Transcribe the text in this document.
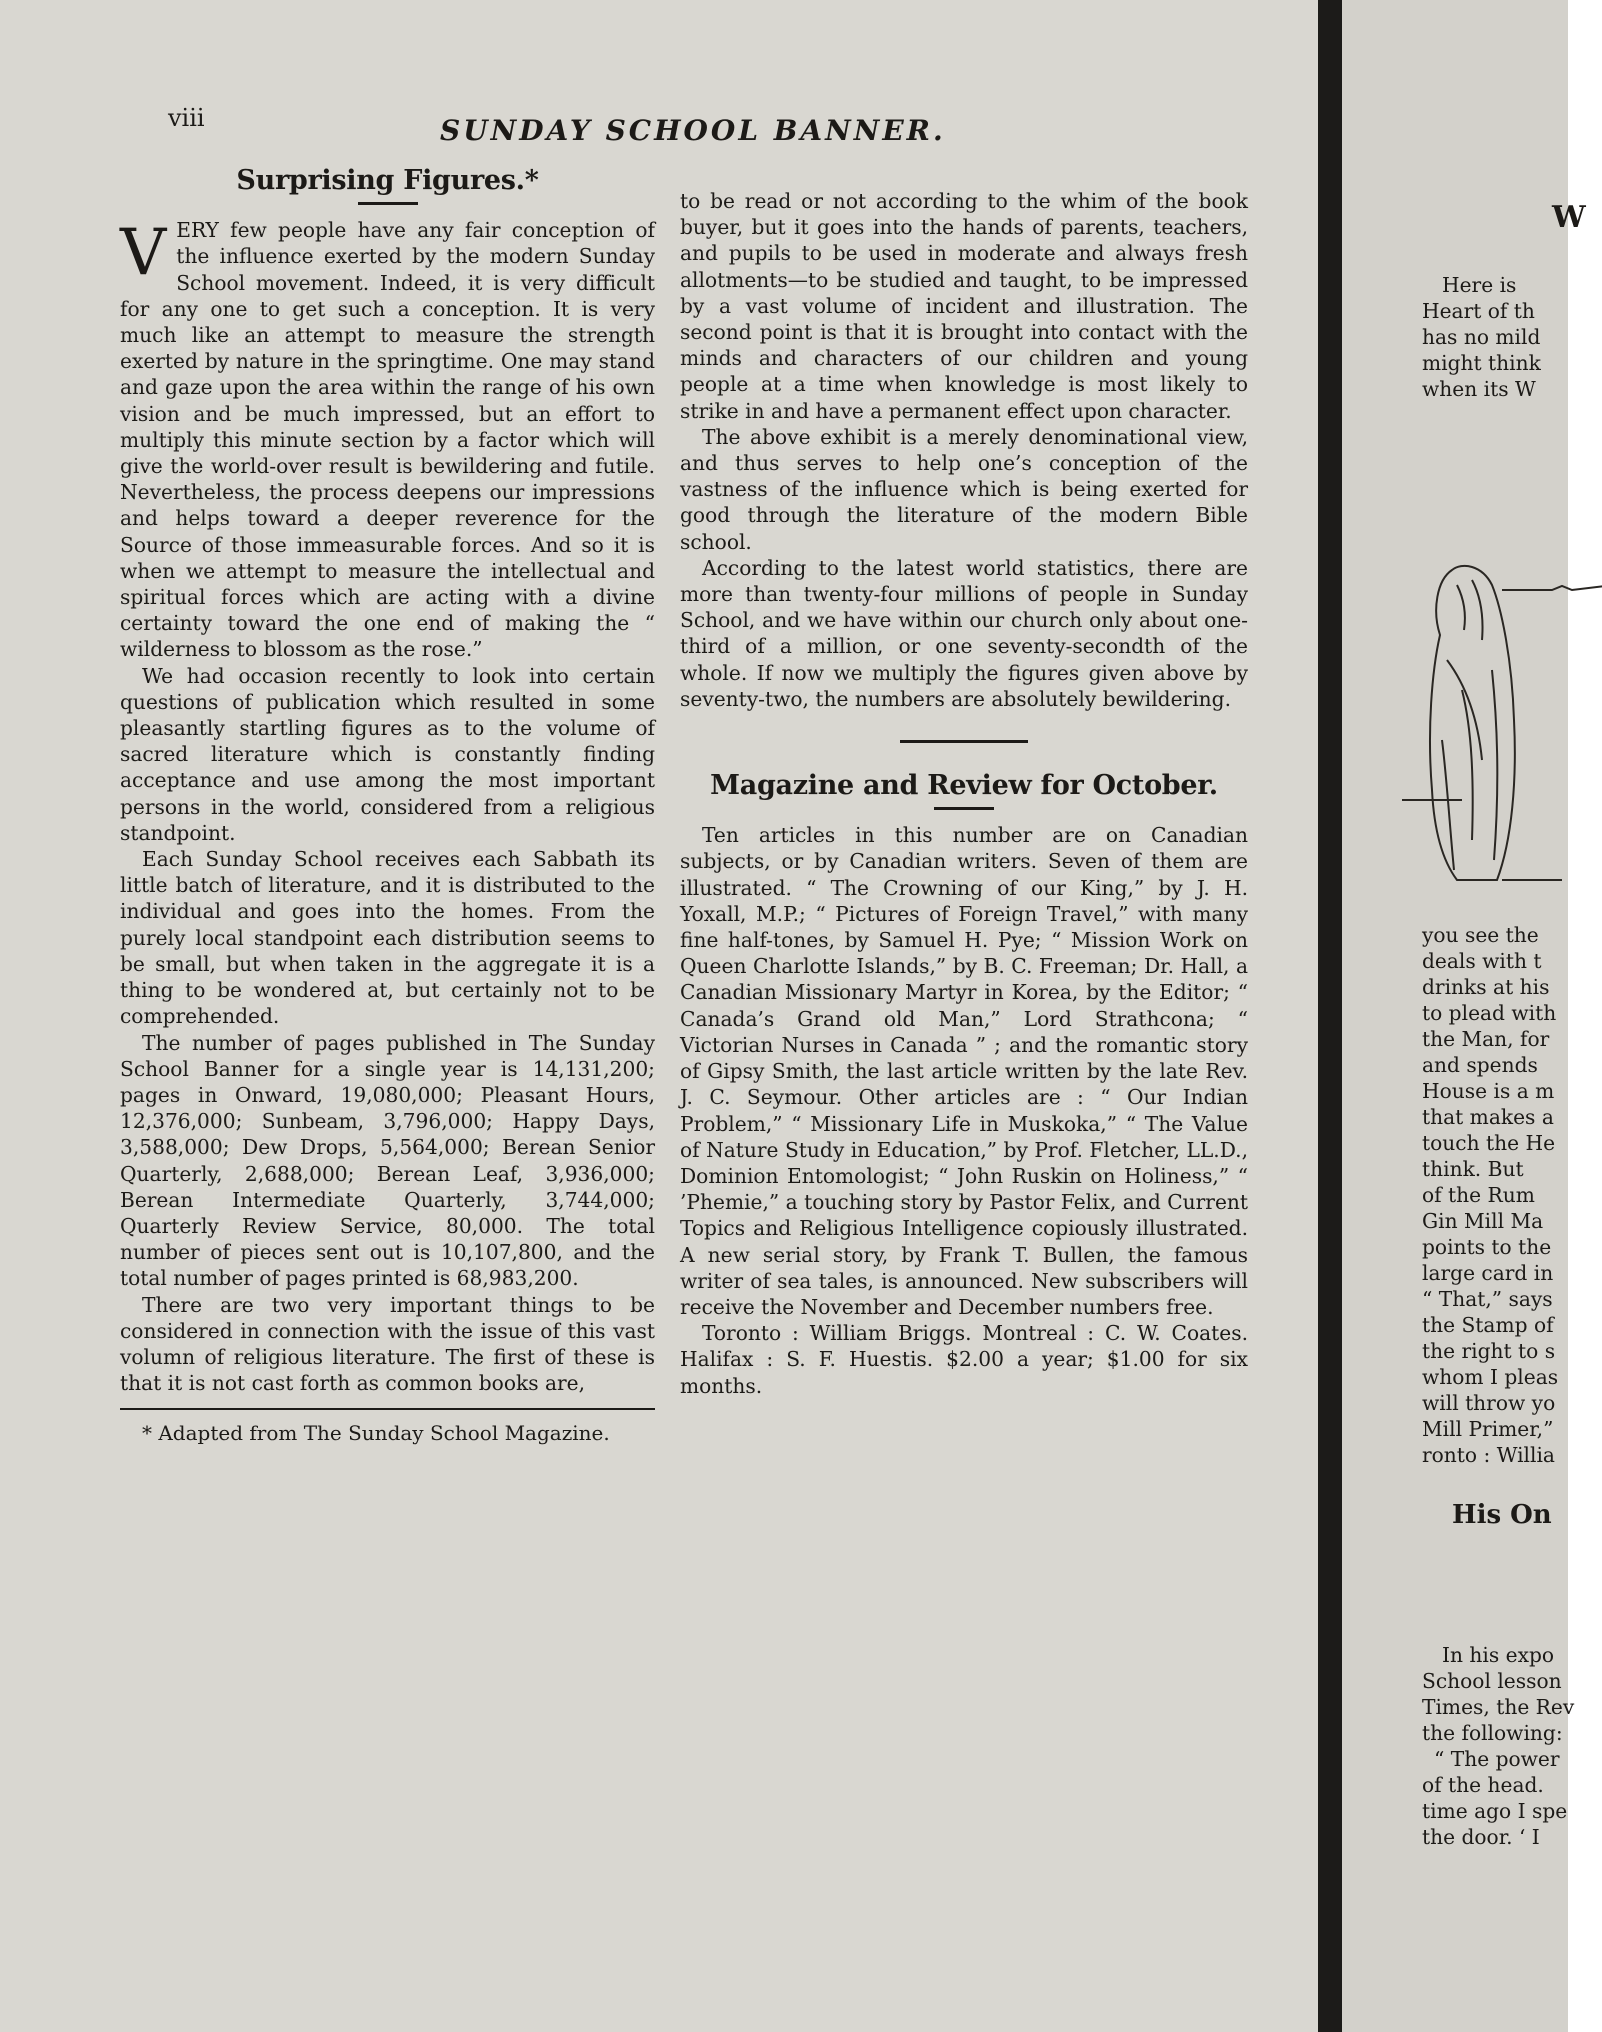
viii	SUNDAY SCHOOL BANNER.
Surprising Figures.*

VERY few people have any fair conception of the influence exerted by the modern Sunday School movement. Indeed, it is very difficult for any one to get such a conception. It is very much like an attempt to measure the strength exerted by nature in the springtime. One may stand and gaze upon the area within the range of his own vision and be much impressed, but an effort to multiply this minute section by a factor which will give the world-over result is bewildering and futile. Nevertheless, the process deepens our impressions and helps toward a deeper reverence for the Source of those immeasurable forces. And so it is when we attempt to measure the intellectual and spiritual forces which are acting with a divine certainty toward the one end of making the “ wilderness to blossom as the rose.”

We had occasion recently to look into certain questions of publication which resulted in some pleasantly startling figures as to the volume of sacred literature which is constantly finding acceptance and use among the most important persons in the world, considered from a religious standpoint.

Each Sunday School receives each Sabbath its little batch of literature, and it is distributed to the individual and goes into the homes. From the purely local standpoint each distribution seems to be small, but when taken in the aggregate it is a thing to be wondered at, but certainly not to be comprehended.

The number of pages published in The Sunday School Banner for a single year is 14,131,200; pages in Onward, 19,080,000; Pleasant Hours, 12,376,000; Sunbeam, 3,796,000; Happy Days, 3,588,000; Dew Drops, 5,564,000; Berean Senior Quarterly, 2,688,000; Berean Leaf, 3,936,000; Berean Intermediate Quarterly, 3,744,000; Quarterly Review Service, 80,000. The total number of pieces sent out is 10,107,800, and the total number of pages printed is 68,983,200.

There are two very important things to be considered in connection with the issue of this vast volumn of religious literature. The first of these is that it is not cast forth as common books are,

* Adapted from The Sunday School Magazine.

to be read or not according to the whim of the book buyer, but it goes into the hands of parents, teachers, and pupils to be used in moderate and always fresh allotments—to be studied and taught, to be impressed by a vast volume of incident and illustration. The second point is that it is brought into contact with the minds and characters of our children and young people at a time when knowledge is most likely to strike in and have a permanent effect upon character.

The above exhibit is a merely denominational view, and thus serves to help one’s conception of the vastness of the influence which is being exerted for good through the literature of the modern Bible school.

According to the latest world statistics, there are more than twenty-four millions of people in Sunday School, and we have within our church only about one-third of a million, or one seventy-secondth of the whole. If now we multiply the figures given above by seventy-two, the numbers are absolutely bewildering.

Magazine and Review for October.

Ten articles in this number are on Canadian subjects, or by Canadian writers. Seven of them are illustrated. “ The Crowning of our King,” by J. H. Yoxall, M.P.; “ Pictures of Foreign Travel,” with many fine half-tones, by Samuel H. Pye; “ Mission Work on Queen Charlotte Islands,” by B. C. Freeman; Dr. Hall, a Canadian Missionary Martyr in Korea, by the Editor; “ Canada’s Grand old Man,” Lord Strathcona; “ Victorian Nurses in Canada ” ; and the romantic story of Gipsy Smith, the last article written by the late Rev. J. C. Seymour. Other articles are : “ Our Indian Problem,” “ Missionary Life in Muskoka,” “ The Value of Nature Study in Education,” by Prof. Fletcher, LL.D., Dominion Entomologist; “ John Ruskin on Holiness,” “ ’Phemie,” a touching story by Pastor Felix, and Current Topics and Religious Intelligence copiously illustrated. A new serial story, by Frank T. Bullen, the famous writer of sea tales, is announced. New subscribers will receive the November and December numbers free.

Toronto : William Briggs. Montreal : C. W. Coates. Halifax : S. F. Huestis. $2.00 a year; $1.00 for six months.

W
Here is
Heart of th
has no mild
might think
when its W
you see the
deals with t
drinks at his
to plead with
the Man, for
and spends
House is a m
that makes a
touch the He
think. But
of the Rum
Gin Mill Ma
points to the
large card in
“ That,” says
the Stamp of
the right to s
whom I pleas
will throw yo
Mill Primer,”
ronto : Willia
His On
In his expo
School lesson
Times, the Rev
the following:
“ The power
of the head.
time ago I spe
the door. ‘ I
